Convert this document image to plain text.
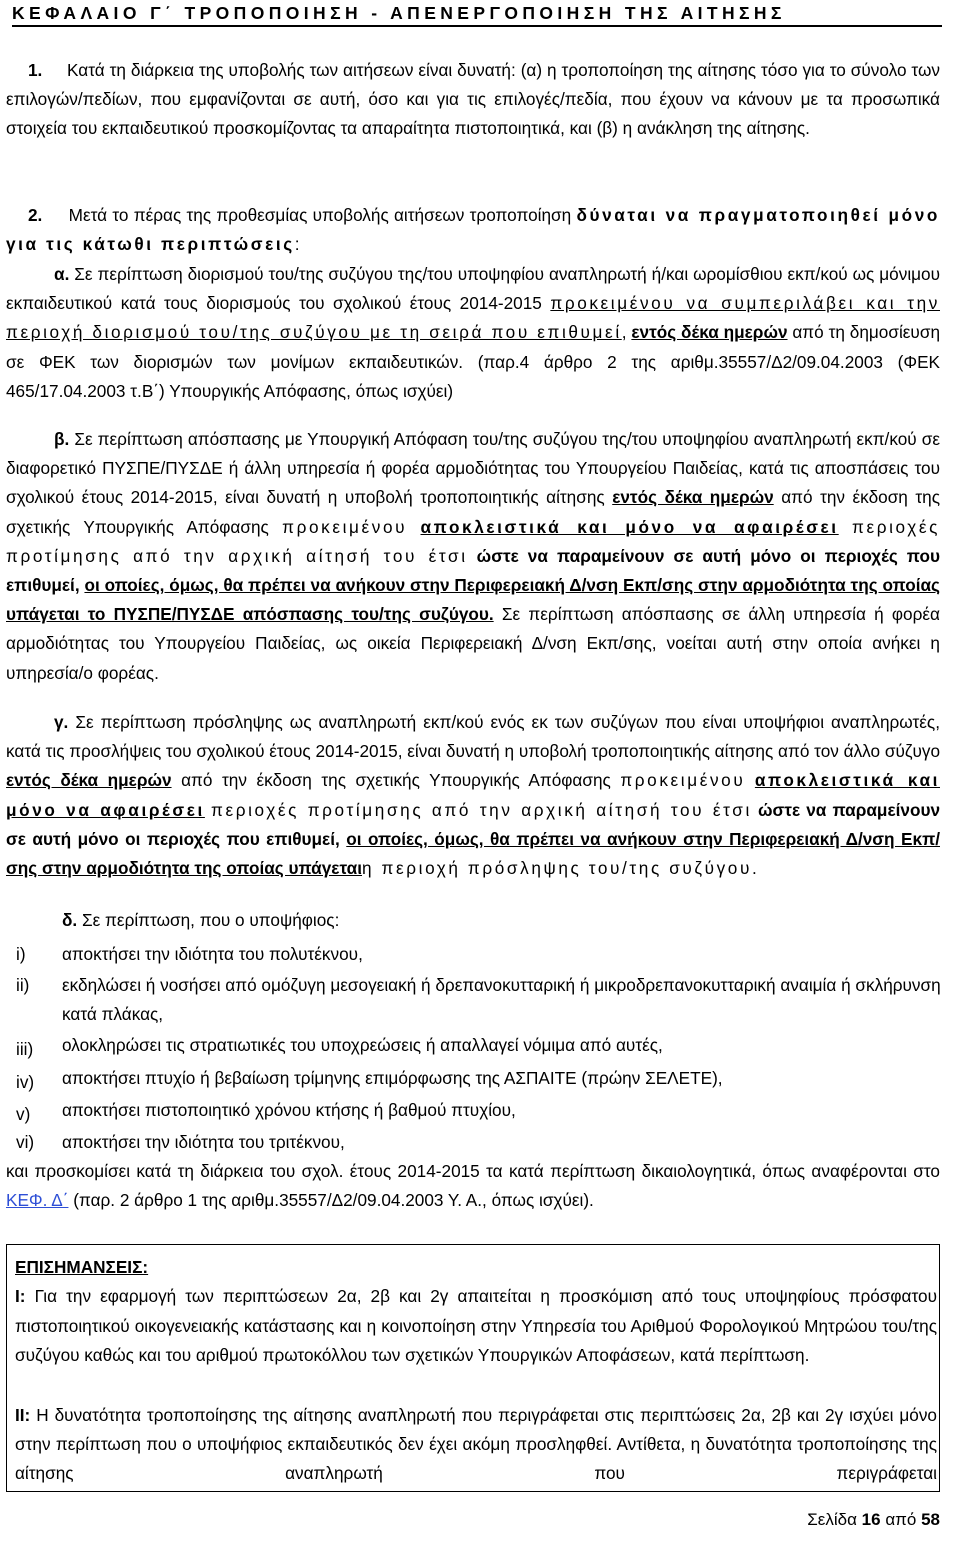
ΚΕΦΑΛΑΙΟ Γ΄ ΤΡΟΠΟΠΟΙΗΣΗ - ΑΠΕΝΕΡΓΟΠΟΙΗΣΗ ΤΗΣ ΑΙΤΗΣΗΣ

1. Κατά τη διάρκεια της υποβολής των αιτήσεων είναι δυνατή: (α) η τροποποίηση της αίτησης τόσο για το σύνολο των επιλογών/πεδίων, που εμφανίζονται σε αυτή, όσο και για τις επιλογές/πεδία, που έχουν να κάνουν με τα προσωπικά στοιχεία του εκπαιδευτικού προσκομίζοντας τα απαραίτητα πιστοποιητικά, και (β) η ανάκληση της αίτησης.

2. Μετά το πέρας της προθεσμίας υποβολής αιτήσεων τροποποίηση δύναται να πραγματοποιηθεί μόνο για τις κάτωθι περιπτώσεις:

α. Σε περίπτωση διορισμού του/της συζύγου της/του υποψηφίου αναπληρωτή ή/και ωρομίσθιου εκπ/κού ως μόνιμου εκπαιδευτικού κατά τους διορισμούς του σχολικού έτους 2014-2015 προκειμένου να συμπεριλάβει και την περιοχή διορισμού του/της συζύγου με τη σειρά που επιθυμεί, εντός δέκα ημερών από τη δημοσίευση σε ΦΕΚ των διορισμών των μονίμων εκπαιδευτικών. (παρ.4 άρθρο 2 της αριθμ.35557/Δ2/09.04.2003 (ΦΕΚ 465/17.04.2003 τ.Β΄) Υπουργικής Απόφασης, όπως ισχύει)

β. Σε περίπτωση απόσπασης με Υπουργική Απόφαση του/της συζύγου της/του υποψηφίου αναπληρωτή εκπ/κού σε διαφορετικό ΠΥΣΠΕ/ΠΥΣΔΕ ή άλλη υπηρεσία ή φορέα αρμοδιότητας του Υπουργείου Παιδείας, κατά τις αποσπάσεις του σχολικού έτους 2014-2015, είναι δυνατή η υποβολή τροποποιητικής αίτησης εντός δέκα ημερών από την έκδοση της σχετικής Υπουργικής Απόφασης προκειμένου αποκλειστικά και μόνο να αφαιρέσει περιοχές προτίμησης από την αρχική αίτησή του έτσι ώστε να παραμείνουν σε αυτή μόνο οι περιοχές που επιθυμεί, οι οποίες, όμως, θα πρέπει να ανήκουν στην Περιφερειακή Δ/νση Εκπ/σης στην αρμοδιότητα της οποίας υπάγεται το ΠΥΣΠΕ/ΠΥΣΔΕ απόσπασης του/της συζύγου. Σε περίπτωση απόσπασης σε άλλη υπηρεσία ή φορέα αρμοδιότητας του Υπουργείου Παιδείας, ως οικεία Περιφερειακή Δ/νση Εκπ/σης, νοείται αυτή στην οποία ανήκει η υπηρεσία/ο φορέας.

γ. Σε περίπτωση πρόσληψης ως αναπληρωτή εκπ/κού ενός εκ των συζύγων που είναι υποψήφιοι αναπληρωτές, κατά τις προσλήψεις του σχολικού έτους 2014-2015, είναι δυνατή η υποβολή τροποποιητικής αίτησης από τον άλλο σύζυγο εντός δέκα ημερών από την έκδοση της σχετικής Υπουργικής Απόφασης προκειμένου αποκλειστικά και μόνο να αφαιρέσει περιοχές προτίμησης από την αρχική αίτησή του έτσι ώστε να παραμείνουν σε αυτή μόνο οι περιοχές που επιθυμεί, οι οποίες, όμως, θα πρέπει να ανήκουν στην Περιφερειακή Δ/νση Εκπ/σης στην αρμοδιότητα της οποίας υπάγεταιη περιοχή πρόσληψης του/της συζύγου.

δ. Σε περίπτωση, που ο υποψήφιος:

i) αποκτήσει την ιδιότητα του πολυτέκνου,
ii) εκδηλώσει ή νοσήσει από ομόζυγη μεσογειακή ή δρεπανοκυτταρική ή μικροδρεπανοκυτταρική αναιμία ή σκλήρυνση κατά πλάκας,
iii) ολοκληρώσει τις στρατιωτικές του υποχρεώσεις ή απαλλαγεί νόμιμα από αυτές,
iv) αποκτήσει πτυχίο ή βεβαίωση τρίμηνης επιμόρφωσης της ΑΣΠΑΙΤΕ (πρώην ΣΕΛΕΤΕ),
v) αποκτήσει πιστοποιητικό χρόνου κτήσης ή βαθμού πτυχίου,
vi) αποκτήσει την ιδιότητα του τριτέκνου,

και προσκομίσει κατά τη διάρκεια του σχολ. έτους 2014-2015 τα κατά περίπτωση δικαιολογητικά, όπως αναφέρονται στο ΚΕΦ. Δ΄ (παρ. 2 άρθρο 1 της αριθμ.35557/Δ2/09.04.2003 Υ. Α., όπως ισχύει).

ΕΠΙΣΗΜΑΝΣΕΙΣ:

Ι: Για την εφαρμογή των περιπτώσεων 2α, 2β και 2γ απαιτείται η προσκόμιση από τους υποψηφίους πρόσφατου πιστοποιητικού οικογενειακής κατάστασης και η κοινοποίηση στην Υπηρεσία του Αριθμού Φορολογικού Μητρώου του/της συζύγου καθώς και του αριθμού πρωτοκόλλου των σχετικών Υπουργικών Αποφάσεων, κατά περίπτωση.

ΙΙ: Η δυνατότητα τροποποίησης της αίτησης αναπληρωτή που περιγράφεται στις περιπτώσεις 2α, 2β και 2γ ισχύει μόνο στην περίπτωση που ο υποψήφιος εκπαιδευτικός δεν έχει ακόμη προσληφθεί. Αντίθετα, η δυνατότητα τροποποίησης της αίτησης αναπληρωτή που περιγράφεται

Σελίδα 16 από 58
